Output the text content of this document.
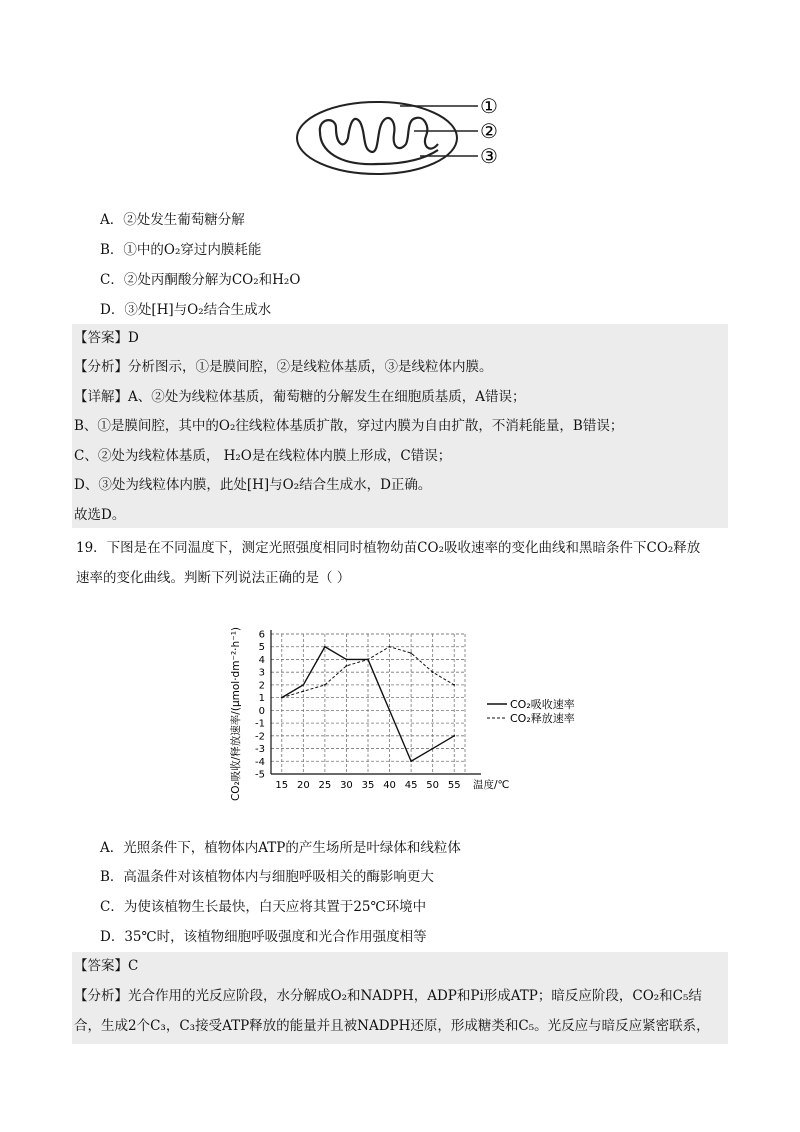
①
②
③
A．②处发生葡萄糖分解
B．①中的O₂穿过内膜耗能
C．②处丙酮酸分解为CO₂和H₂O
D．③处[H]与O₂结合生成水
【答案】D
【分析】分析图示，①是膜间腔，②是线粒体基质，③是线粒体内膜。
【详解】A、②处为线粒体基质，葡萄糖的分解发生在细胞质基质，A错误；
B、①是膜间腔，其中的O₂往线粒体基质扩散，穿过内膜为自由扩散，不消耗能量，B错误；
C、②处为线粒体基质， H₂O是在线粒体内膜上形成，C错误；
D、③处为线粒体内膜，此处[H]与O₂结合生成水，D正确。
故选D。
19．下图是在不同温度下，测定光照强度相同时植物幼苗CO₂吸收速率的变化曲线和黑暗条件下CO₂释放
速率的变化曲线。判断下列说法正确的是（ ）
6
5
4
3
2
1
0
-1
-2
-3
-4
-5
15 20 25 30 35 40 45 50 55 温度/℃
CO₂吸收/释放速率/(μmol·dm⁻²·h⁻¹)	CO₂吸收速率
CO₂释放速率
A．光照条件下，植物体内ATP的产生场所是叶绿体和线粒体
B．高温条件对该植物体内与细胞呼吸相关的酶影响更大
C．为使该植物生长最快，白天应将其置于25℃环境中
D．35℃时，该植物细胞呼吸强度和光合作用强度相等
【答案】C
【分析】光合作用的光反应阶段，水分解成O₂和NADPH，ADP和Pi形成ATP；暗反应阶段，CO₂和C₅结
合，生成2个C₃，C₃接受ATP释放的能量并且被NADPH还原，形成糖类和C₅。光反应与暗反应紧密联系，
